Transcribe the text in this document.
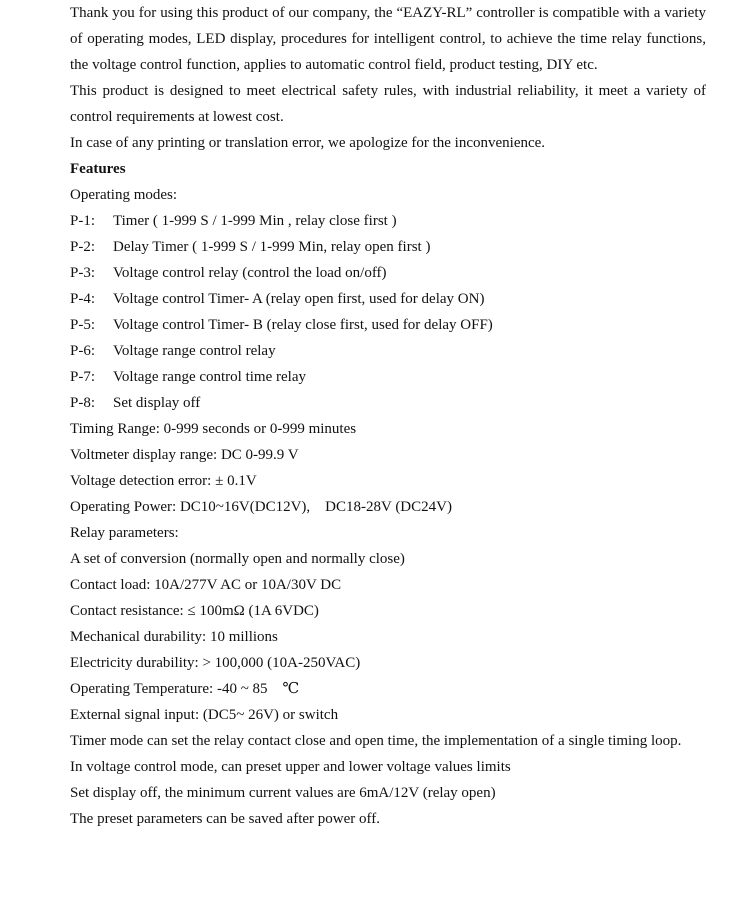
Thank you for using this product of our company, the “EAZY-RL” controller is compatible with a variety of operating modes, LED display, procedures for intelligent control, to achieve the time relay functions, the voltage control function, applies to automatic control field, product testing, DIY etc.

This product is designed to meet electrical safety rules, with industrial reliability, it meet a variety of control requirements at lowest cost.

In case of any printing or translation error, we apologize for the inconvenience.

Features

Operating modes:

P-1:	Timer ( 1-999 S / 1-999 Min , relay close first )
P-2:	Delay Timer ( 1-999 S / 1-999 Min, relay open first )
P-3:	Voltage control relay (control the load on/off)
P-4:	Voltage control Timer- A (relay open first, used for delay ON)
P-5:	Voltage control Timer- B (relay close first, used for delay OFF)
P-6:	Voltage range control relay
P-7:	Voltage range control time relay
P-8:	Set display off

Timing Range: 0-999 seconds or 0-999 minutes

Voltmeter display range: DC 0-99.9 V

Voltage detection error: ± 0.1V

Operating Power: DC10~16V(DC12V),    DC18-28V (DC24V)

Relay parameters:

A set of conversion (normally open and normally close)

Contact load: 10A/277V AC or 10A/30V DC

Contact resistance: ≤ 100mΩ (1A 6VDC)

Mechanical durability: 10 millions

Electricity durability: > 100,000 (10A-250VAC)

Operating Temperature: -40 ~ 85    ℃

External signal input: (DC5~ 26V) or switch

Timer mode can set the relay contact close and open time, the implementation of a single timing loop.

In voltage control mode, can preset upper and lower voltage values limits

Set display off, the minimum current values are 6mA/12V (relay open)

The preset parameters can be saved after power off.
